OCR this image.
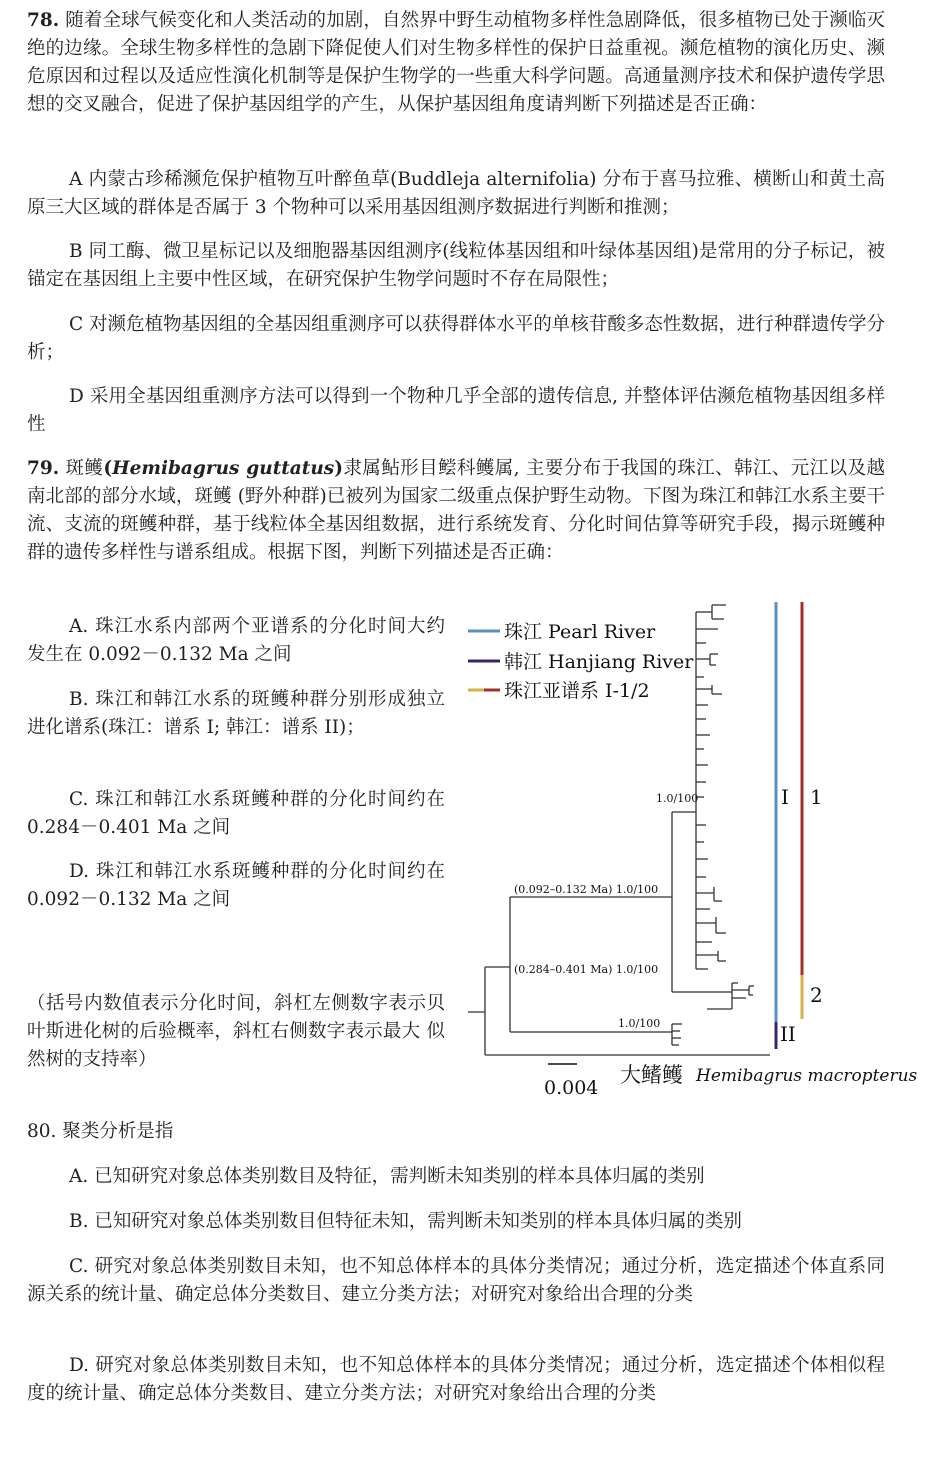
78. 随着全球气候变化和人类活动的加剧，自然界中野生动植物多样性急剧降低，很多植物已处于濒临灭绝的边缘。全球生物多样性的急剧下降促使人们对生物多样性的保护日益重视。濒危植物的演化历史、濒危原因和过程以及适应性演化机制等是保护生物学的一些重大科学问题。高通量测序技术和保护遗传学思想的交叉融合，促进了保护基因组学的产生，从保护基因组角度请判断下列描述是否正确：

A 内蒙古珍稀濒危保护植物互叶醉鱼草(Buddleja alternifolia) 分布于喜马拉雅、横断山和黄土高原三大区域的群体是否属于 3 个物种可以采用基因组测序数据进行判断和推测；

B 同工酶、微卫星标记以及细胞器基因组测序(线粒体基因组和叶绿体基因组)是常用的分子标记，被锚定在基因组上主要中性区域，在研究保护生物学问题时不存在局限性；

C 对濒危植物基因组的全基因组重测序可以获得群体水平的单核苷酸多态性数据，进行种群遗传学分析；

D 采用全基因组重测序方法可以得到一个物种几乎全部的遗传信息, 并整体评估濒危植物基因组多样性

79. 斑鳠(Hemibagrus guttatus)隶属鲇形目鲿科鳠属, 主要分布于我国的珠江、韩江、元江以及越南北部的部分水域，斑鳠 (野外种群)已被列为国家二级重点保护野生动物。下图为珠江和韩江水系主要干流、支流的斑鳠种群，基于线粒体全基因组数据，进行系统发育、分化时间估算等研究手段，揭示斑鳠种群的遗传多样性与谱系组成。根据下图，判断下列描述是否正确：

A. 珠江水系内部两个亚谱系的分化时间大约发生在 0.092－0.132 Ma 之间

B. 珠江和韩江水系的斑鳠种群分别形成独立进化谱系(珠江：谱系 I; 韩江：谱系 II)；

C. 珠江和韩江水系斑鳠种群的分化时间约在 0.284－0.401 Ma 之间

D. 珠江和韩江水系斑鳠种群的分化时间约在 0.092－0.132 Ma 之间

（括号内数值表示分化时间，斜杠左侧数字表示贝叶斯进化树的后验概率，斜杠右侧数字表示最大 似然树的支持率）

珠江 Pearl River
韩江 Hanjiang River
珠江亚谱系 I-1/2
1.0/100
(0.092–0.132 Ma) 1.0/100
(0.284–0.401 Ma) 1.0/100
1.0/100
I 1
2
II
0.004
大鳍鳠 Hemibagrus macropterus

80. 聚类分析是指

A. 已知研究对象总体类别数目及特征，需判断未知类别的样本具体归属的类别

B. 已知研究对象总体类别数目但特征未知，需判断未知类别的样本具体归属的类别

C. 研究对象总体类别数目未知，也不知总体样本的具体分类情况；通过分析，选定描述个体直系同源关系的统计量、确定总体分类数目、建立分类方法；对研究对象给出合理的分类

D. 研究对象总体类别数目未知，也不知总体样本的具体分类情况；通过分析，选定描述个体相似程度的统计量、确定总体分类数目、建立分类方法；对研究对象给出合理的分类
